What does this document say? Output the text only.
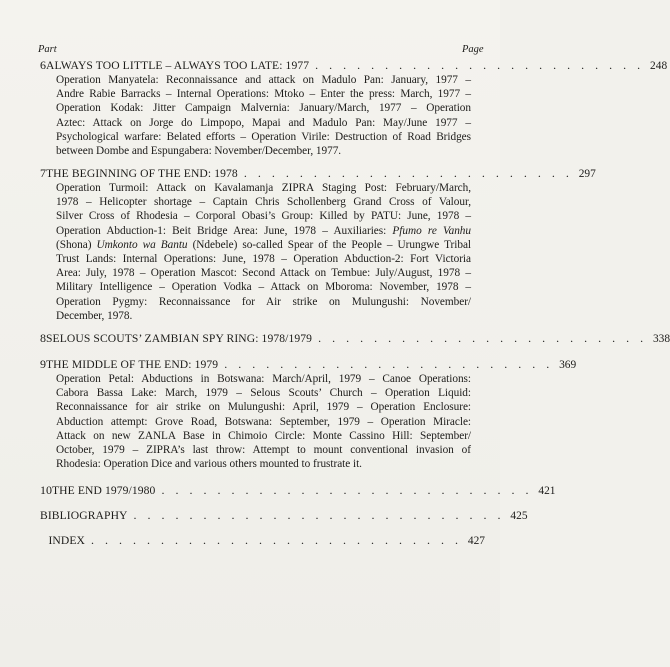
Part	Page
6 ALWAYS TOO LITTLE – ALWAYS TOO LATE: 1977 . . . . . . . . . . . . . . . . . . . . . . . . 248

Operation Manyatela: Reconnaissance and attack on Madulo Pan: January, 1977 –

Andre Rabie Barracks – Internal Operations: Mtoko – Enter the press: March, 1977 –

Operation Kodak: Jitter Campaign Malvernia: January/March, 1977 – Operation

Aztec: Attack on Jorge do Limpopo, Mapai and Madulo Pan: May/June 1977 –

Psychological warfare: Belated efforts – Operation Virile: Destruction of Road Bridges

between Dombe and Espungabera: November/December, 1977.

7 THE BEGINNING OF THE END: 1978 . . . . . . . . . . . . . . . . . . . . . . . . 297

Operation Turmoil: Attack on Kavalamanja ZIPRA Staging Post: February/March,

1978 – Helicopter shortage – Captain Chris Schollenberg Grand Cross of Valour,

Silver Cross of Rhodesia – Corporal Obasi’s Group: Killed by PATU: June, 1978 –

Operation Abduction-1: Beit Bridge Area: June, 1978 – Auxiliaries: Pfumo re Vanhu

(Shona) Umkonto wa Bantu (Ndebele) so-called Spear of the People – Urungwe Tribal

Trust Lands: Internal Operations: June, 1978 – Operation Abduction-2: Fort Victoria

Area: July, 1978 – Operation Mascot: Second Attack on Tembue: July/August, 1978 –

Military Intelligence – Operation Vodka – Attack on Mboroma: November, 1978 –

Operation Pygmy: Reconnaissance for Air strike on Mulungushi: November/

December, 1978.

8 SELOUS SCOUTS’ ZAMBIAN SPY RING: 1978/1979 . . . . . . . . . . . . . . . . . . . . . . . . 338
9 THE MIDDLE OF THE END: 1979 . . . . . . . . . . . . . . . . . . . . . . . . 369

Operation Petal: Abductions in Botswana: March/April, 1979 – Canoe Operations:

Cabora Bassa Lake: March, 1979 – Selous Scouts’ Church – Operation Liquid:

Reconnaissance for air strike on Mulungushi: April, 1979 – Operation Enclosure:

Abduction attempt: Grove Road, Botswana: September, 1979 – Operation Miracle:

Attack on new ZANLA Base in Chimoio Circle: Monte Cassino Hill: September/

October, 1979 – ZIPRA’s last throw: Attempt to mount conventional invasion of

Rhodesia: Operation Dice and various others mounted to frustrate it.

10 THE END 1979/1980 . . . . . . . . . . . . . . . . . . . . . . . . . . . 421
BIBLIOGRAPHY . . . . . . . . . . . . . . . . . . . . . . . . . . . 425
INDEX . . . . . . . . . . . . . . . . . . . . . . . . . . . 427
